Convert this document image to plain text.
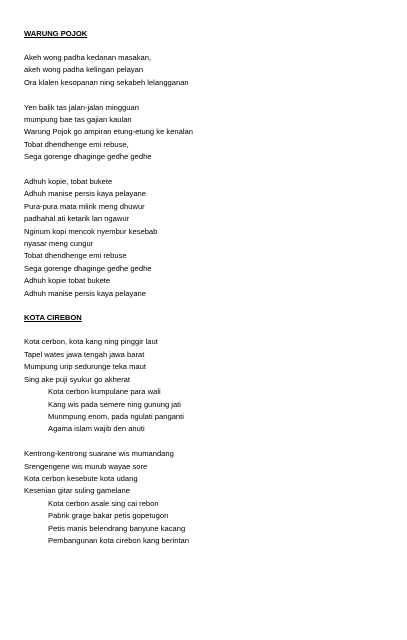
WARUNG POJOK

Akeh wong padha kedanan masakan,

akeh wong padha kelingan pelayan

Ora klalen kesopanan ning sekabeh lelangganan

Yen balik tas jalan-jalan mingguan

mumpung bae tas gajian kaulan

Warung Pojok go ampiran etung-etung ke kenalan

Tobat dhendhenge emi rebuse,

Sega gorenge dhaginge gedhe gedhe

Adhuh kopie, tobat bukete

Adhuh manise persis kaya pelayane

Pura-pura mata mlirik meng dhuwur

padhahal ati ketarik lan ngawur

Nginum kopi mencok nyembur kesebab

nyasar meng cungur

Tobat dhendhenge emi rebuse

Sega gorenge dhaginge gedhe gedhe

Adhuh kopie tobat bukete

Adhuh manise persis kaya pelayane

KOTA CIREBON

Kota cerbon, kota kang ning pinggir laut

Tapel wates jawa tengah jawa barat

Mumpung urip sedurunge teka maut

Sing ake puji syukur go akherat

Kota cerbon kumpulane para wali

Kang wis pada semere ning gunung jati

Munmpung enom, pada ngulati panganti

Agama islam wajib den anuti

Kentrong-kentrong suarane wis mumandang

Srengengene wis murub wayae sore

Kota cerbon kesebute kota udang

Kesenian gitar suling gamelane

Kota cerbon asale sing cai rebon

Pabrik grage bakar petis gopetugon

Petis manis belendrang banyune kacang

Pembangunan kota cirebon kang berintan
